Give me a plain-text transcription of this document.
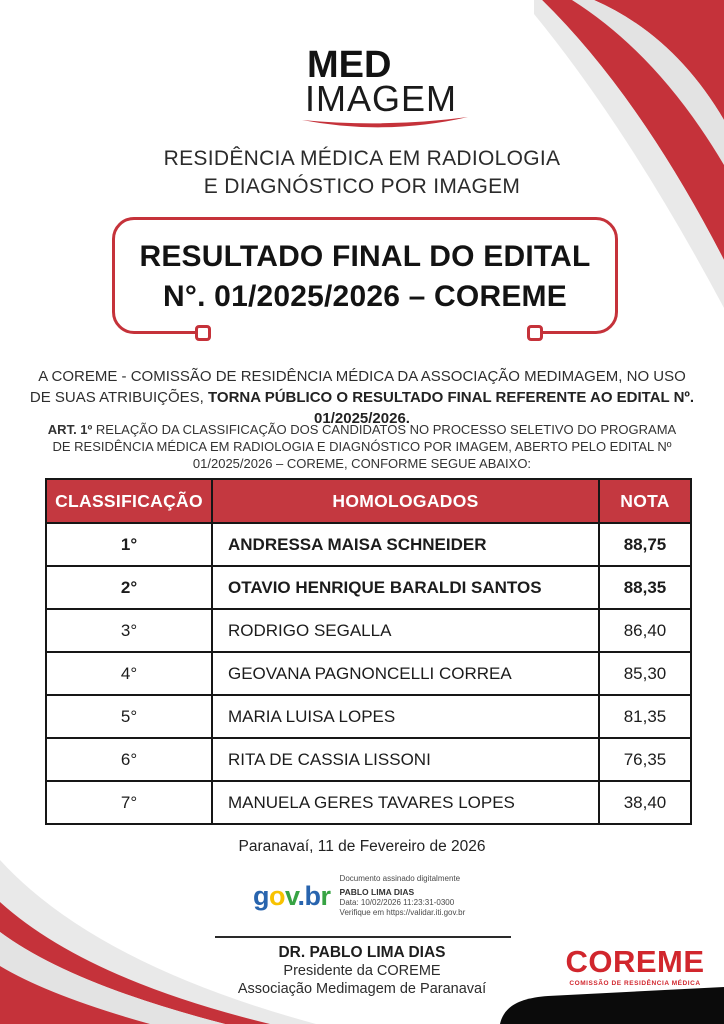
MED
IMAGEM
RESIDÊNCIA MÉDICA EM RADIOLOGIA
E DIAGNÓSTICO POR IMAGEM
RESULTADO FINAL DO EDITAL
N°. 01/2025/2026 – COREME
A COREME - COMISSÃO DE RESIDÊNCIA MÉDICA DA ASSOCIAÇÃO MEDIMAGEM, NO USO DE SUAS ATRIBUIÇÕES, TORNA PÚBLICO O RESULTADO FINAL REFERENTE AO EDITAL Nº. 01/2025/2026.
ART. 1º RELAÇÃO DA CLASSIFICAÇÃO DOS CANDIDATOS NO PROCESSO SELETIVO DO PROGRAMA DE RESIDÊNCIA MÉDICA EM RADIOLOGIA E DIAGNÓSTICO POR IMAGEM, ABERTO PELO EDITAL Nº 01/2025/2026 – COREME, CONFORME SEGUE ABAIXO:
CLASSIFICAÇÃO	HOMOLOGADOS	NOTA
1°	ANDRESSA MAISA SCHNEIDER	88,75
2°	OTAVIO HENRIQUE BARALDI SANTOS	88,35
3°	RODRIGO SEGALLA	86,40
4°	GEOVANA PAGNONCELLI CORREA	85,30
5°	MARIA LUISA LOPES	81,35
6°	RITA DE CASSIA LISSONI	76,35
7°	MANUELA GERES TAVARES LOPES	38,40
Paranavaí, 11 de Fevereiro de 2026
gov.br
Documento assinado digitalmente
PABLO LIMA DIAS
Data: 10/02/2026 11:23:31-0300
Verifique em https://validar.iti.gov.br
DR. PABLO LIMA DIAS
Presidente da COREME
Associação Medimagem de Paranavaí
COREME
COMISSÃO DE RESIDÊNCIA MÉDICA
